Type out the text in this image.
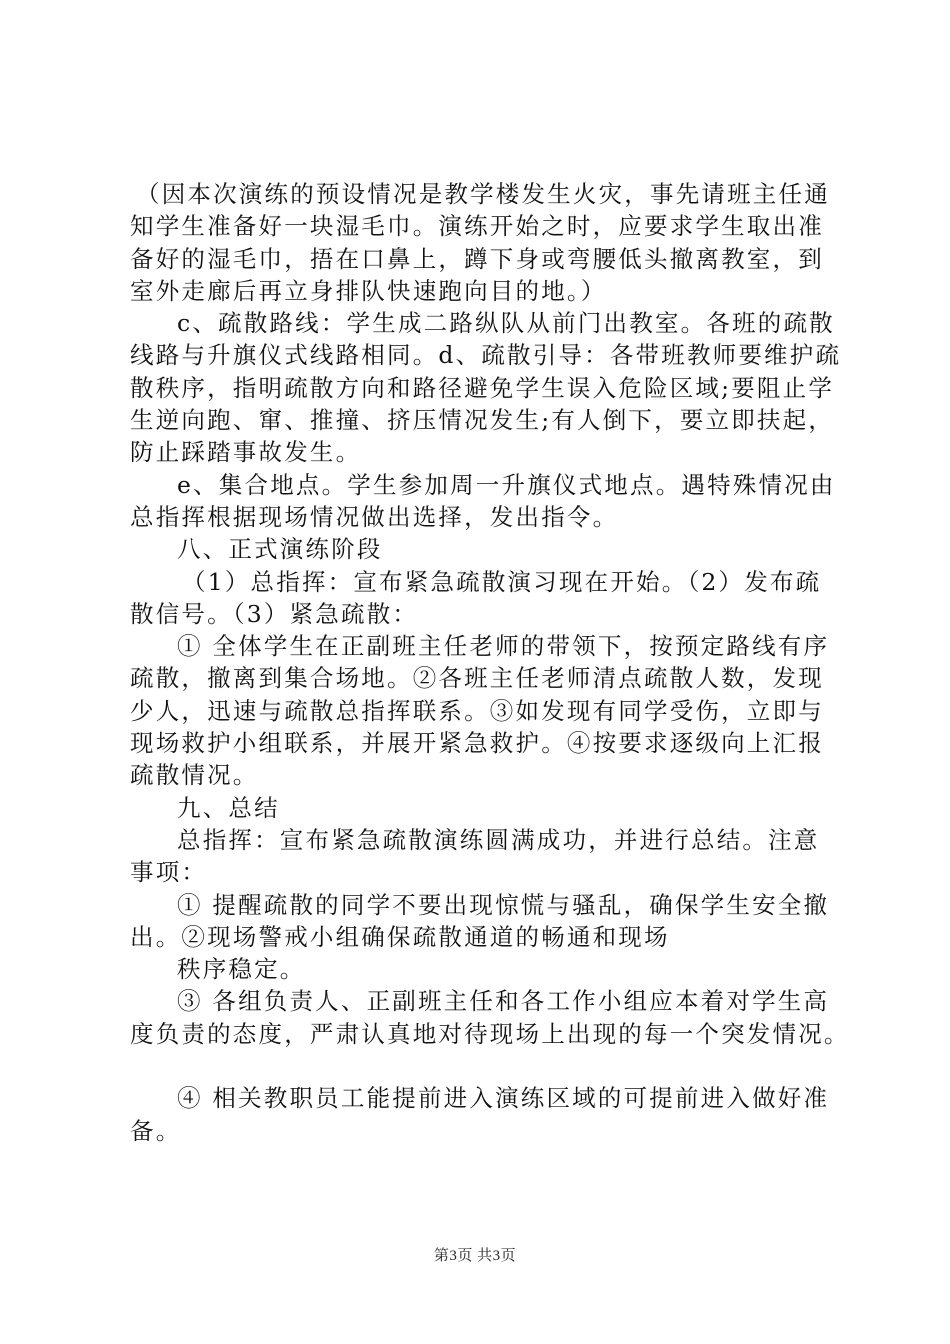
（因本次演练的预设情况是教学楼发生火灾，事先请班主任通
知学生准备好一块湿毛巾。演练开始之时，应要求学生取出准
备好的湿毛巾，捂在口鼻上，蹲下身或弯腰低头撤离教室，到
室外走廊后再立身排队快速跑向目的地。）
c、疏散路线：学生成二路纵队从前门出教室。各班的疏散
线路与升旗仪式线路相同。d、疏散引导：各带班教师要维护疏
散秩序，指明疏散方向和路径避免学生误入危险区域;要阻止学
生逆向跑、窜、推撞、挤压情况发生;有人倒下，要立即扶起，
防止踩踏事故发生。
e、集合地点。学生参加周一升旗仪式地点。遇特殊情况由
总指挥根据现场情况做出选择，发出指令。
八、正式演练阶段
（1）总指挥：宣布紧急疏散演习现在开始。（2）发布疏
散信号。（3）紧急疏散：
① 全体学生在正副班主任老师的带领下，按预定路线有序
疏散，撤离到集合场地。②各班主任老师清点疏散人数，发现
少人，迅速与疏散总指挥联系。③如发现有同学受伤，立即与
现场救护小组联系，并展开紧急救护。④按要求逐级向上汇报
疏散情况。
九、总结
总指挥：宣布紧急疏散演练圆满成功，并进行总结。注意
事项：
① 提醒疏散的同学不要出现惊慌与骚乱，确保学生安全撤
出。②现场警戒小组确保疏散通道的畅通和现场
秩序稳定。
③ 各组负责人、正副班主任和各工作小组应本着对学生高
度负责的态度，严肃认真地对待现场上出现的每一个突发情况。
④ 相关教职员工能提前进入演练区域的可提前进入做好准
备。
第3页 共3页
